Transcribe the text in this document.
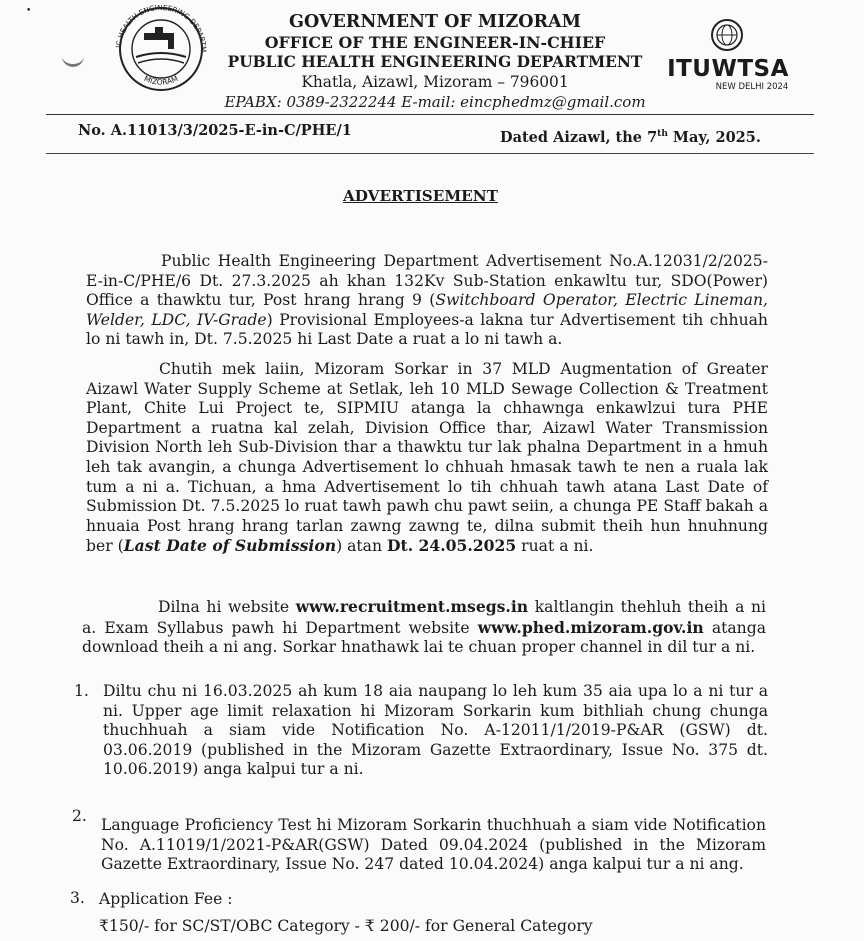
IC HEALTH ENGINEERING DEPARTM
MIZORAM
•
GOVERNMENT OF MIZORAM
OFFICE OF THE ENGINEER-IN-CHIEF
PUBLIC HEALTH ENGINEERING DEPARTMENT
Khatla, Aizawl, Mizoram – 796001
EPABX: 0389-2322244 E-mail: eincphedmz@gmail.com
ITUWTSA
NEW DELHI 2024
No. A.11013/3/2025-E-in-C/PHE/1	Dated Aizawl, the 7th May, 2025.
ADVERTISEMENT
Public Health Engineering Department Advertisement No.A.12031/2/2025-E-in-C/PHE/6 Dt. 27.3.2025 ah khan 132Kv Sub-Station enkawltu tur, SDO(Power) Office a thawktu tur, Post hrang hrang 9 (Switchboard Operator, Electric Lineman, Welder, LDC, IV-Grade) Provisional Employees-a lakna tur Advertisement tih chhuah lo ni tawh in, Dt. 7.5.2025 hi Last Date a ruat a lo ni tawh a.
Chutih mek laiin, Mizoram Sorkar in 37 MLD Augmentation of Greater Aizawl Water Supply Scheme at Setlak, leh 10 MLD Sewage Collection & Treatment Plant, Chite Lui Project te, SIPMIU atanga la chhawnga enkawlzui tura PHE Department a ruatna kal zelah, Division Office thar, Aizawl Water Transmission Division North leh Sub-Division thar a thawktu tur lak phalna Department in a hmuh leh tak avangin, a chunga Advertisement lo chhuah hmasak tawh te nen a ruala lak tum a ni a. Tichuan, a hma Advertisement lo tih chhuah tawh atana Last Date of Submission Dt. 7.5.2025 lo ruat tawh pawh chu pawt seiin, a chunga PE Staff bakah a hnuaia Post hrang hrang tarlan zawng zawng te, dilna submit theih hun hnuhnung ber (Last Date of Submission) atan Dt. 24.05.2025 ruat a ni.
Dilna hi website www.recruitment.msegs.in kaltlangin thehluh theih a ni a. Exam Syllabus pawh hi Department website www.phed.mizoram.gov.in atanga download theih a ni ang. Sorkar hnathawk lai te chuan proper channel in dil tur a ni.
1. Diltu chu ni 16.03.2025 ah kum 18 aia naupang lo leh kum 35 aia upa lo a ni tur a ni. Upper age limit relaxation hi Mizoram Sorkarin kum bithliah chung chunga thuchhuah a siam vide Notification No. A-12011/1/2019-P&AR (GSW) dt. 03.06.2019 (published in the Mizoram Gazette Extraordinary, Issue No. 375 dt. 10.06.2019) anga kalpui tur a ni.
2. Language Proficiency Test hi Mizoram Sorkarin thuchhuah a siam vide Notification No. A.11019/1/2021-P&AR(GSW) Dated 09.04.2024 (published in the Mizoram Gazette Extraordinary, Issue No. 247 dated 10.04.2024) anga kalpui tur a ni ang.
3. Application Fee :
₹150/- for SC/ST/OBC Category - ₹ 200/- for General Category
